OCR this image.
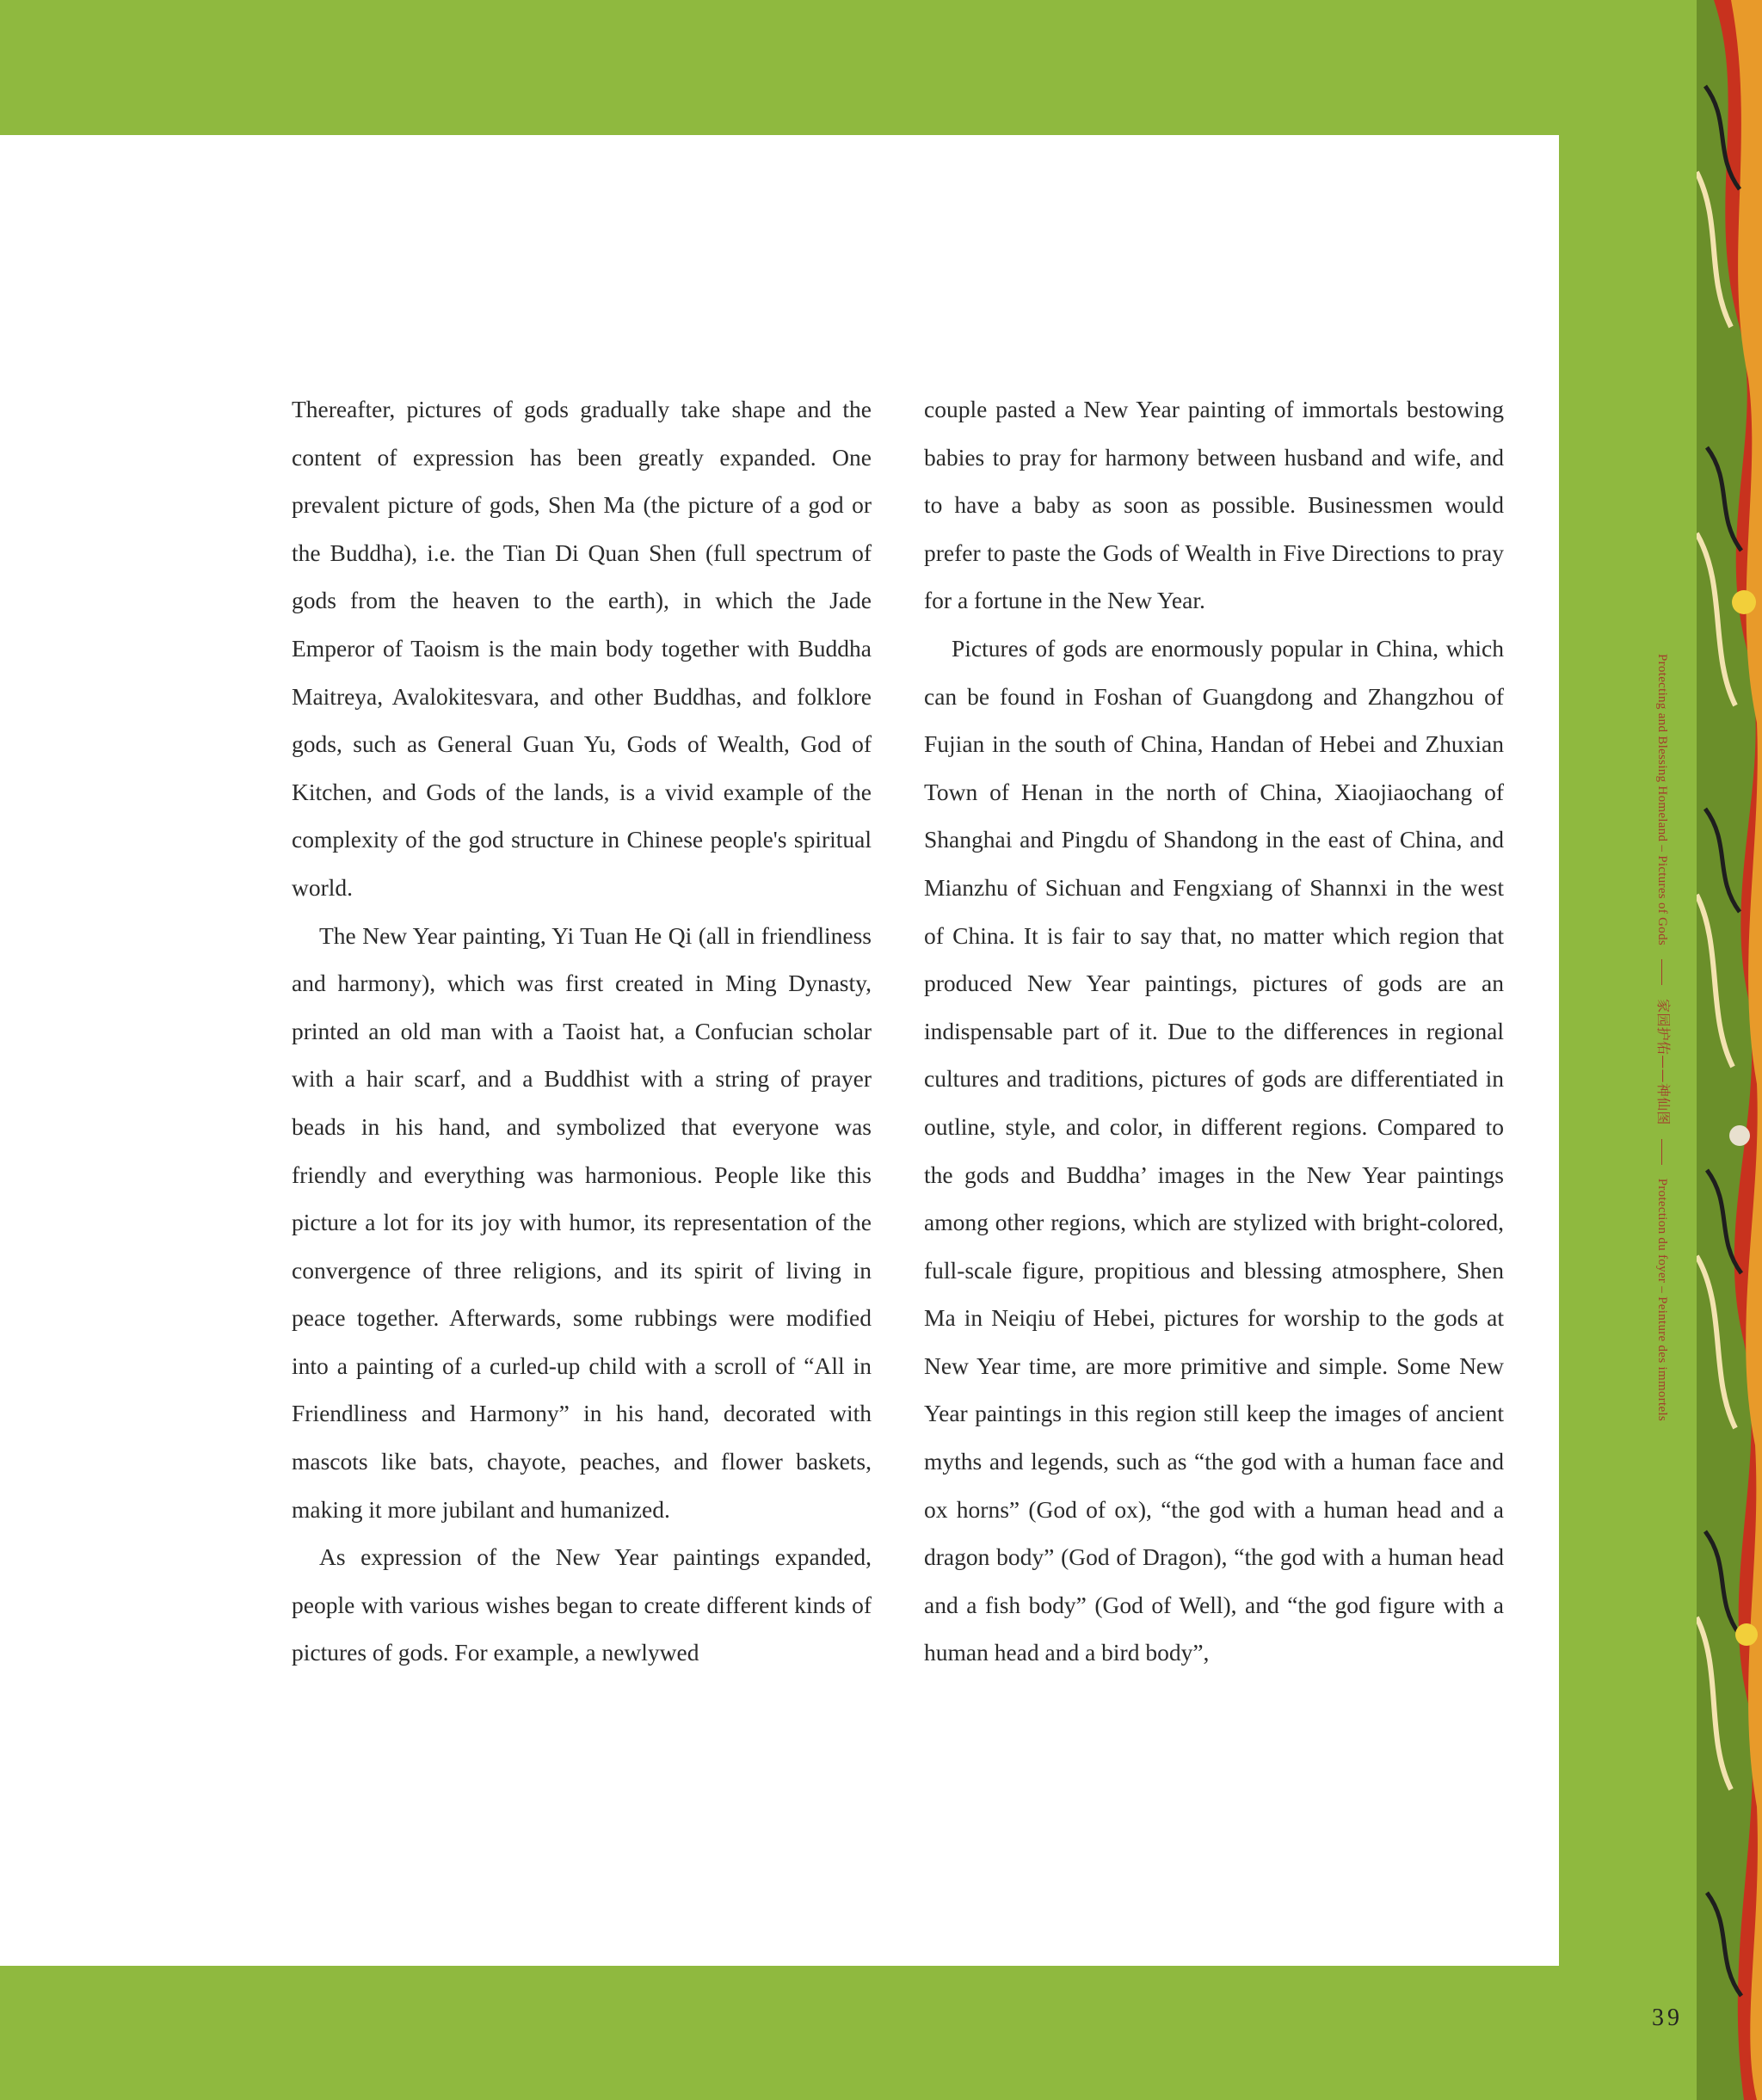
Thereafter, pictures of gods gradually take shape and the content of expression has been greatly expanded. One prevalent picture of gods, Shen Ma (the picture of a god or the Buddha), i.e. the Tian Di Quan Shen (full spectrum of gods from the heaven to the earth), in which the Jade Emperor of Taoism is the main body together with Buddha Maitreya, Avalokitesvara, and other Buddhas, and folklore gods, such as General Guan Yu, Gods of Wealth, God of Kitchen, and Gods of the lands, is a vivid example of the complexity of the god structure in Chinese people's spiritual world.

The New Year painting, Yi Tuan He Qi (all in friendliness and harmony), which was first created in Ming Dynasty, printed an old man with a Taoist hat, a Confucian scholar with a hair scarf, and a Buddhist with a string of prayer beads in his hand, and symbolized that everyone was friendly and everything was harmonious. People like this picture a lot for its joy with humor, its representation of the convergence of three religions, and its spirit of living in peace together. Afterwards, some rubbings were modified into a painting of a curled-up child with a scroll of “All in Friendliness and Harmony” in his hand, decorated with mascots like bats, chayote, peaches, and flower baskets, making it more jubilant and humanized.

As expression of the New Year paintings expanded, people with various wishes began to create different kinds of pictures of gods. For example, a newlywed

couple pasted a New Year painting of immortals bestowing babies to pray for harmony between husband and wife, and to have a baby as soon as possible. Businessmen would prefer to paste the Gods of Wealth in Five Directions to pray for a fortune in the New Year.

Pictures of gods are enormously popular in China, which can be found in Foshan of Guangdong and Zhangzhou of Fujian in the south of China, Handan of Hebei and Zhuxian Town of Henan in the north of China, Xiaojiaochang of Shanghai and Pingdu of Shandong in the east of China, and Mianzhu of Sichuan and Fengxiang of Shannxi in the west of China. It is fair to say that, no matter which region that produced New Year paintings, pictures of gods are an indispensable part of it. Due to the differences in regional cultures and traditions, pictures of gods are differentiated in outline, style, and color, in different regions. Compared to the gods and Buddha’ images in the New Year paintings among other regions, which are stylized with bright-colored, full-scale figure, propitious and blessing atmosphere, Shen Ma in Neiqiu of Hebei, pictures for worship to the gods at New Year time, are more primitive and simple. Some New Year paintings in this region still keep the images of ancient myths and legends, such as “the god with a human face and ox horns” (God of ox), “the god with a human head and a dragon body” (God of Dragon), “the god with a human head and a fish body” (God of Well), and “the god figure with a human head and a bird body”,

Protecting and Blessing Homeland – Pictures of Gods家园护佑——神仙图Protection du foyer – Peinture des immortels
39
